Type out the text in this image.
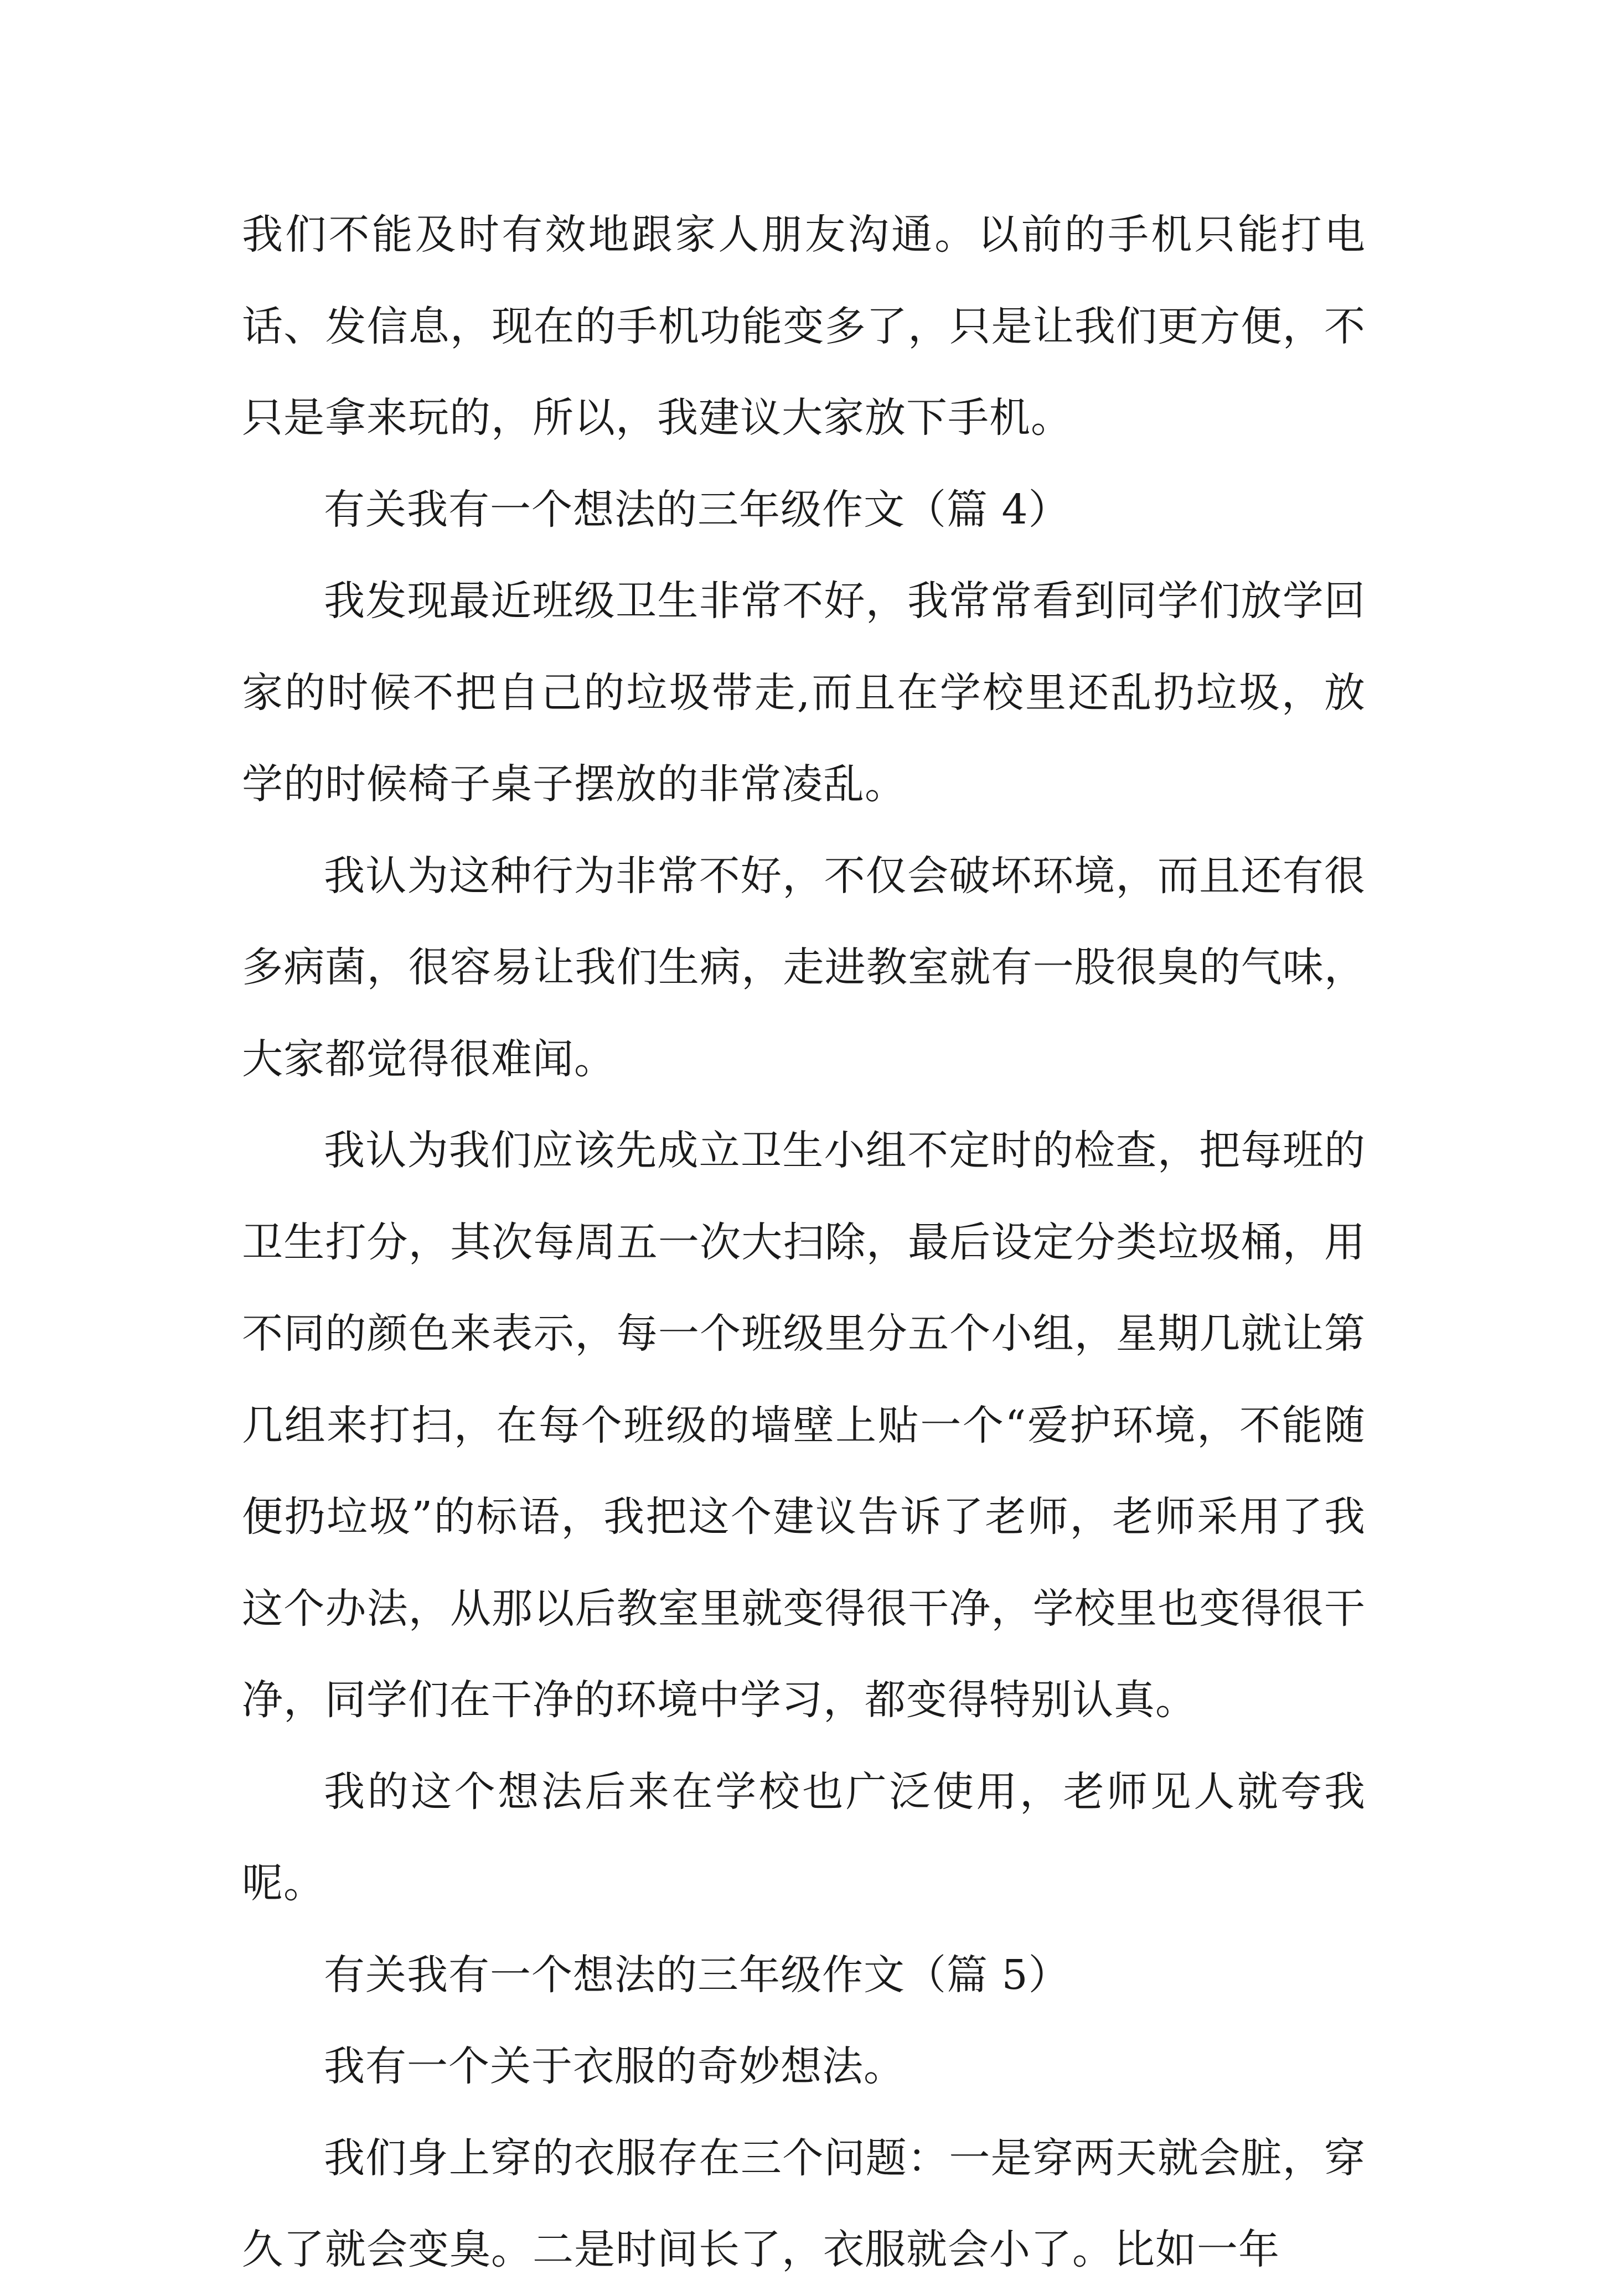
我们不能及时有效地跟家人朋友沟通。以前的手机只能打电话、发信息，现在的手机功能变多了，只是让我们更方便，不只是拿来玩的，所以，我建议大家放下手机。

有关我有一个想法的三年级作文（篇 4）

我发现最近班级卫生非常不好，我常常看到同学们放学回家的时候不把自己的垃圾带走,而且在学校里还乱扔垃圾，放学的时候椅子桌子摆放的非常凌乱。

我认为这种行为非常不好，不仅会破坏环境，而且还有很多病菌，很容易让我们生病，走进教室就有一股很臭的气味，大家都觉得很难闻。

我认为我们应该先成立卫生小组不定时的检查，把每班的卫生打分，其次每周五一次大扫除，最后设定分类垃圾桶，用不同的颜色来表示，每一个班级里分五个小组，星期几就让第几组来打扫，在每个班级的墙壁上贴一个“爱护环境，不能随便扔垃圾”的标语，我把这个建议告诉了老师，老师采用了我这个办法，从那以后教室里就变得很干净，学校里也变得很干净，同学们在干净的环境中学习，都变得特别认真。

我的这个想法后来在学校也广泛使用，老师见人就夸我呢。

有关我有一个想法的三年级作文（篇 5）

我有一个关于衣服的奇妙想法。

我们身上穿的衣服存在三个问题：一是穿两天就会脏，穿久了就会变臭。二是时间长了，衣服就会小了。比如一年
